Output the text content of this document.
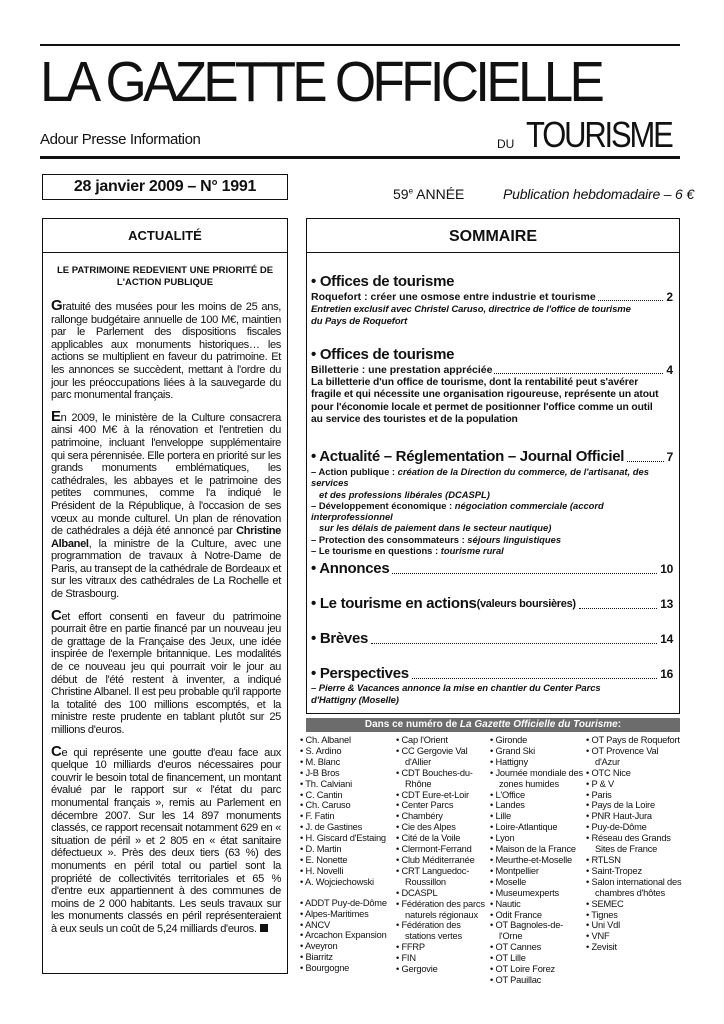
LA GAZETTE OFFICIELLE
Adour Presse Information	DU TOURISME
28 janvier 2009 – N° 1991	59e ANNÉE	Publication hebdomadaire – 6 €
ACTUALITÉ
LE PATRIMOINE REDEVIENT UNE PRIORITÉ DE L'ACTION PUBLIQUE

Gratuité des musées pour les moins de 25 ans, rallonge budgétaire annuelle de 100 M€, maintien par le Parlement des dispositions fiscales applicables aux monuments historiques… les actions se multiplient en faveur du patrimoine. Et les annonces se succèdent, mettant à l'ordre du jour les préoccupations liées à la sauvegarde du parc monumental français.

En 2009, le ministère de la Culture consacrera ainsi 400 M€ à la rénovation et l'entretien du patrimoine, incluant l'enveloppe supplémentaire qui sera pérennisée. Elle portera en priorité sur les grands monuments emblématiques, les cathédrales, les abbayes et le patrimoine des petites communes, comme l'a indiqué le Président de la République, à l'occasion de ses vœux au monde culturel. Un plan de rénovation de cathédrales a déjà été annoncé par Christine Albanel, la ministre de la Culture, avec une programmation de travaux à Notre-Dame de Paris, au transept de la cathédrale de Bordeaux et sur les vitraux des cathédrales de La Rochelle et de Strasbourg.

Cet effort consenti en faveur du patrimoine pourrait être en partie financé par un nouveau jeu de grattage de la Française des Jeux, une idée inspirée de l'exemple britannique. Les modalités de ce nouveau jeu qui pourrait voir le jour au début de l'été restent à inventer, a indiqué Christine Albanel. Il est peu probable qu'il rapporte la totalité des 100 millions escomptés, et la ministre reste prudente en tablant plutôt sur 25 millions d'euros.

Ce qui représente une goutte d'eau face aux quelque 10 milliards d'euros nécessaires pour couvrir le besoin total de financement, un montant évalué par le rapport sur « l'état du parc monumental français », remis au Parlement en décembre 2007. Sur les 14 897 monuments classés, ce rapport recensait notamment 629 en « situation de péril » et 2 805 en « état sanitaire défectueux ». Près des deux tiers (63 %) des monuments en péril total ou partiel sont la propriété de collectivités territoriales et 65 % d'entre eux appartiennent à des communes de moins de 2 000 habitants. Les seuls travaux sur les monuments classés en péril représenteraient à eux seuls un coût de 5,24 milliards d'euros.

SOMMAIRE
• Offices de tourisme
Roquefort : créer une osmose entre industrie et tourisme	2
Entretien exclusif avec Christel Caruso, directrice de l'office de tourisme du Pays de Roquefort
• Offices de tourisme
Billetterie : une prestation appréciée	4
La billetterie d'un office de tourisme, dont la rentabilité peut s'avérer fragile et qui nécessite une organisation rigoureuse, représente un atout pour l'économie locale et permet de positionner l'office comme un outil au service des touristes et de la population
• Actualité – Réglementation – Journal Officiel	7
– Action publique : création de la Direction du commerce, de l'artisanat, des services
et des professions libérales (DCASPL)
– Développement économique : négociation commerciale (accord interprofessionnel
sur les délais de paiement dans le secteur nautique)
– Protection des consommateurs : séjours linguistiques
– Le tourisme en questions : tourisme rural
• Annonces	10
• Le tourisme en actions (valeurs boursières)	13
• Brèves	14
• Perspectives	16
– Pierre & Vacances annonce la mise en chantier du Center Parcs d'Hattigny (Moselle)
Dans ce numéro de La Gazette Officielle du Tourisme:
• Ch. Albanel
• S. Ardino
• M. Blanc
• J-B Bros
• Th. Calviani
• C. Cantin
• Ch. Caruso
• F. Fatin
• J. de Gastines
• H. Giscard d'Estaing
• D. Martin
• E. Nonette
• H. Novelli
• A. Wojciechowski
• ADDT Puy-de-Dôme
• Alpes-Maritimes
• ANCV
• Arcachon Expansion
• Aveyron
• Biarritz
• Bourgogne
• Cap l'Orient
• CC Gergovie Val d'Allier
• CDT Bouches-du-Rhône
• CDT Eure-et-Loir
• Center Parcs
• Chambéry
• Cie des Alpes
• Cité de la Voile
• Clermont-Ferrand
• Club Méditerranée
• CRT Languedoc-Roussillon
• DCASPL
• Fédération des parcs naturels régionaux
• Fédération des stations vertes
• FFRP
• FIN
• Gergovie
• Gironde
• Grand Ski
• Hattigny
• Journée mondiale des zones humides
• L'Office
• Landes
• Lille
• Loire-Atlantique
• Lyon
• Maison de la France
• Meurthe-et-Moselle
• Montpellier
• Moselle
• Museumexperts
• Nautic
• Odit France
• OT Bagnoles-de-l'Orne
• OT Cannes
• OT Lille
• OT Loire Forez
• OT Pauillac
• OT Pays de Roquefort
• OT Provence Val d'Azur
• OTC Nice
• P & V
• Paris
• Pays de la Loire
• PNR Haut-Jura
• Puy-de-Dôme
• Réseau des Grands Sites de France
• RTLSN
• Saint-Tropez
• Salon international des chambres d'hôtes
• SEMEC
• Tignes
• Uni Vdl
• VNF
• Zevisit
